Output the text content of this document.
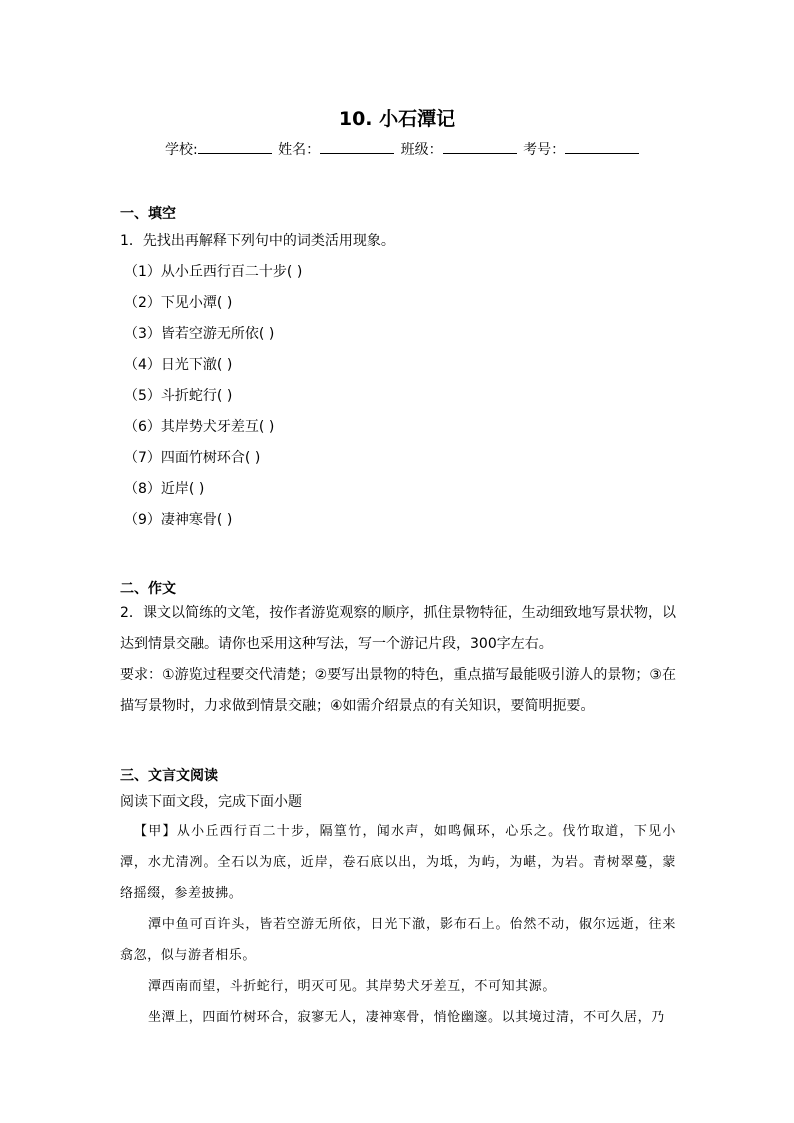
10. 小石潭记
学校:	姓名：	班级：	考号：
一、填空
1．先找出再解释下列句中的词类活用现象。
（1）从小丘西行百二十步( )
（2）下见小潭( )
（3）皆若空游无所依( )
（4）日光下澈( )
（5）斗折蛇行( )
（6）其岸势犬牙差互( )
（7）四面竹树环合( )
（8）近岸( )
（9）凄神寒骨( )
二、作文
2．课文以简练的文笔，按作者游览观察的顺序，抓住景物特征，生动细致地写景状物，以达到情景交融。请你也采用这种写法，写一个游记片段，300字左右。
要求：①游览过程要交代清楚；②要写出景物的特色，重点描写最能吸引游人的景物；③在描写景物时，力求做到情景交融；④如需介绍景点的有关知识，要简明扼要。
三、文言文阅读
阅读下面文段，完成下面小题

【甲】从小丘西行百二十步，隔篁竹，闻水声，如鸣佩环，心乐之。伐竹取道，下见小潭，水尤清冽。全石以为底，近岸，卷石底以出，为坻，为屿，为嵁，为岩。青树翠蔓，蒙络摇缀，参差披拂。

潭中鱼可百许头，皆若空游无所依，日光下澈，影布石上。佁然不动，俶尔远逝，往来翕忽，似与游者相乐。

潭西南而望，斗折蛇行，明灭可见。其岸势犬牙差互，不可知其源。

坐潭上，四面竹树环合，寂寥无人，凄神寒骨，悄怆幽邃。以其境过清，不可久居，乃
